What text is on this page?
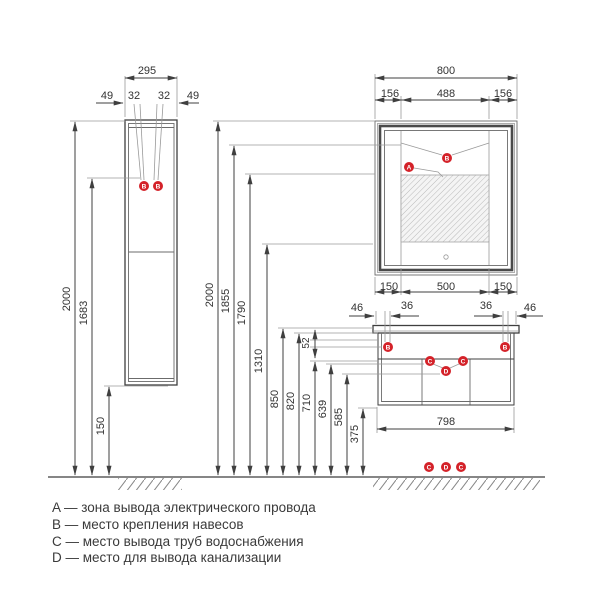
295
49 32 32 49
800
156	488	156
150	500	150
46	36	36	46
798
2000
1683
150
2000 1855 1790
1310
850 820
52
710 639 585
375
B B
A
B
B	B
C	C
D
C D C
A — зона вывода электрического провода
B — место крепления навесов
C — место вывода труб водоснабжения
D — место для вывода канализации
